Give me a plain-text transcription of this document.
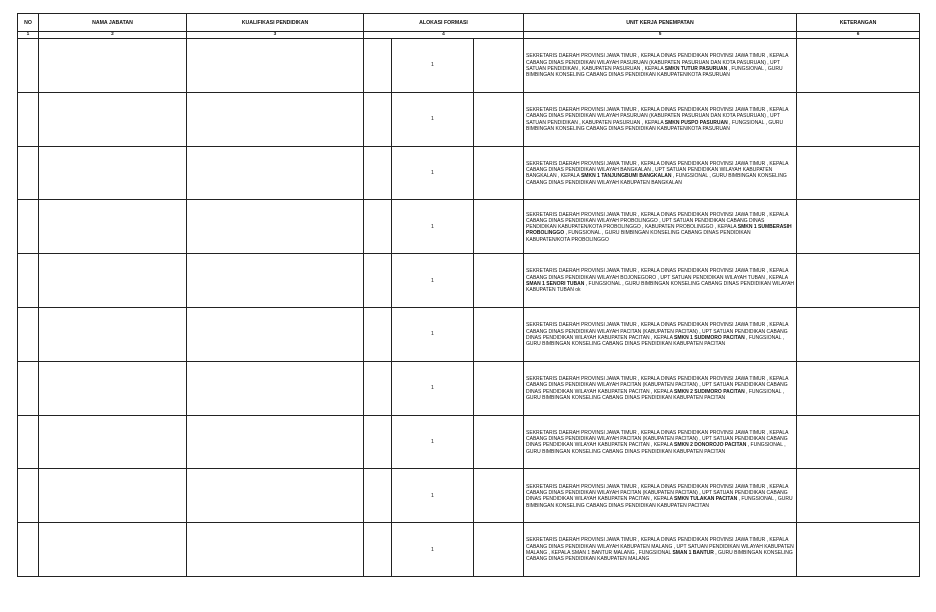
NO	NAMA JABATAN	KUALIFIKASI PENDIDIKAN	ALOKASI FORMASI			UNIT KERJA PENEMPATAN	KETERANGAN
1	2	3	4			5	6
				1		SEKRETARIS DAERAH PROVINSI JAWA TIMUR , KEPALA DINAS PENDIDIKAN PROVINSI JAWA TIMUR , KEPALA CABANG DINAS PENDIDIKAN WILAYAH PASURUAN (KABUPATEN PASURUAN DAN KOTA PASURUAN) , UPT SATUAN PENDIDIKAN , KABUPATEN PASURUAN , KEPALA SMKN TUTUR PASURUAN , FUNGSIONAL , GURU BIMBINGAN KONSELING CABANG DINAS PENDIDIKAN KABUPATEN/KOTA PASURUAN	
				1		SEKRETARIS DAERAH PROVINSI JAWA TIMUR , KEPALA DINAS PENDIDIKAN PROVINSI JAWA TIMUR , KEPALA CABANG DINAS PENDIDIKAN WILAYAH PASURUAN (KABUPATEN PASURUAN DAN KOTA PASURUAN) , UPT SATUAN PENDIDIKAN , KABUPATEN PASURUAN , KEPALA SMKN PUSPO PASURUAN , FUNGSIONAL , GURU BIMBINGAN KONSELING CABANG DINAS PENDIDIKAN KABUPATEN/KOTA PASURUAN	
				1		SEKRETARIS DAERAH PROVINSI JAWA TIMUR , KEPALA DINAS PENDIDIKAN PROVINSI JAWA TIMUR , KEPALA CABANG DINAS PENDIDIKAN WILAYAH BANGKALAN , UPT SATUAN PENDIDIKAN WILAYAH KABUPATEN BANGKALAN , KEPALA SMKN 1 TANJUNGBUMI BANGKALAN , FUNGSIONAL , GURU BIMBINGAN KONSELING CABANG DINAS PENDIDIKAN WILAYAH KABUPATEN BANGKALAN	
				1		SEKRETARIS DAERAH PROVINSI JAWA TIMUR , KEPALA DINAS PENDIDIKAN PROVINSI JAWA TIMUR , KEPALA CABANG DINAS PENDIDIKAN WILAYAH PROBOLINGGO , UPT SATUAN PENDIDIKAN CABANG DINAS PENDIDIKAN KABUPATEN/KOTA PROBOLINGGO , KABUPATEN PROBOLINGGO , KEPALA SMKN 1 SUMBERASIH PROBOLINGGO , FUNGSIONAL , GURU BIMBINGAN KONSELING CABANG DINAS PENDIDIKAN KABUPATEN/KOTA PROBOLINGGO	
				1		SEKRETARIS DAERAH PROVINSI JAWA TIMUR , KEPALA DINAS PENDIDIKAN PROVINSI JAWA TIMUR , KEPALA CABANG DINAS PENDIDIKAN WILAYAH BOJONEGORO , UPT SATUAN PENDIDIKAN WILAYAH TUBAN , KEPALA SMAN 1 SENORI TUBAN , FUNGSIONAL , GURU BIMBINGAN KONSELING CABANG DINAS PENDIDIKAN WILAYAH KABUPATEN TUBAN ok	
				1		SEKRETARIS DAERAH PROVINSI JAWA TIMUR , KEPALA DINAS PENDIDIKAN PROVINSI JAWA TIMUR , KEPALA CABANG DINAS PENDIDIKAN WILAYAH PACITAN (KABUPATEN PACITAN) , UPT SATUAN PENDIDIKAN CABANG DINAS PENDIDIKAN WILAYAH KABUPATEN PACITAN , KEPALA SMKN 1 SUDIMORO PACITAN , FUNGSIONAL , GURU BIMBINGAN KONSELING CABANG DINAS PENDIDIKAN KABUPATEN PACITAN	
				1		SEKRETARIS DAERAH PROVINSI JAWA TIMUR , KEPALA DINAS PENDIDIKAN PROVINSI JAWA TIMUR , KEPALA CABANG DINAS PENDIDIKAN WILAYAH PACITAN (KABUPATEN PACITAN) , UPT SATUAN PENDIDIKAN CABANG DINAS PENDIDIKAN WILAYAH KABUPATEN PACITAN , KEPALA SMKN 2 SUDIMORO PACITAN , FUNGSIONAL , GURU BIMBINGAN KONSELING CABANG DINAS PENDIDIKAN KABUPATEN PACITAN	
				1		SEKRETARIS DAERAH PROVINSI JAWA TIMUR , KEPALA DINAS PENDIDIKAN PROVINSI JAWA TIMUR , KEPALA CABANG DINAS PENDIDIKAN WILAYAH PACITAN (KABUPATEN PACITAN) , UPT SATUAN PENDIDIKAN CABANG DINAS PENDIDIKAN WILAYAH KABUPATEN PACITAN , KEPALA SMKN 2 DONOROJO PACITAN , FUNGSIONAL , GURU BIMBINGAN KONSELING CABANG DINAS PENDIDIKAN KABUPATEN PACITAN	
				1		SEKRETARIS DAERAH PROVINSI JAWA TIMUR , KEPALA DINAS PENDIDIKAN PROVINSI JAWA TIMUR , KEPALA CABANG DINAS PENDIDIKAN WILAYAH PACITAN (KABUPATEN PACITAN) , UPT SATUAN PENDIDIKAN CABANG DINAS PENDIDIKAN WILAYAH KABUPATEN PACITAN , KEPALA SMKN TULAKAN PACITAN , FUNGSIONAL , GURU BIMBINGAN KONSELING CABANG DINAS PENDIDIKAN KABUPATEN PACITAN	
				1		SEKRETARIS DAERAH PROVINSI JAWA TIMUR , KEPALA DINAS PENDIDIKAN PROVINSI JAWA TIMUR , KEPALA CABANG DINAS PENDIDIKAN WILAYAH KABUPATEN MALANG , UPT SATUAN PENDIDIKAN WILAYAH KABUPATEN MALANG , KEPALA SMAN 1 BANTUR MALANG , FUNGSIONAL SMAN 1 BANTUR , GURU BIMBINGAN KONSELING CABANG DINAS PENDIDIKAN KABUPATEN MALANG	
